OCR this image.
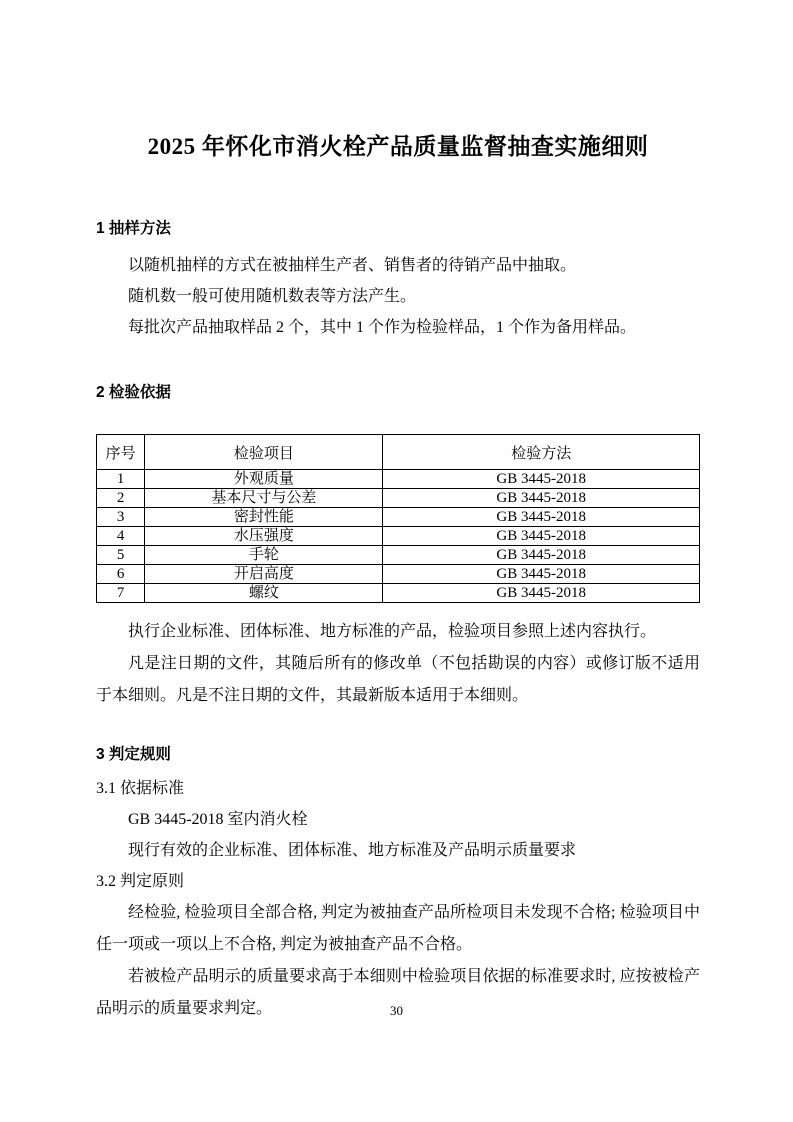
2025 年怀化市消火栓产品质量监督抽查实施细则
1 抽样方法

以随机抽样的方式在被抽样生产者、销售者的待销产品中抽取。

随机数一般可使用随机数表等方法产生。

每批次产品抽取样品 2 个，其中 1 个作为检验样品，1 个作为备用样品。

2 检验依据
序号	检验项目	检验方法
1	外观质量	GB 3445-2018
2	基本尺寸与公差	GB 3445-2018
3	密封性能	GB 3445-2018
4	水压强度	GB 3445-2018
5	手轮	GB 3445-2018
6	开启高度	GB 3445-2018
7	螺纹	GB 3445-2018

执行企业标准、团体标准、地方标准的产品，检验项目参照上述内容执行。

凡是注日期的文件，其随后所有的修改单（不包括勘误的内容）或修订版不适用于本细则。凡是不注日期的文件，其最新版本适用于本细则。

3 判定规则

3.1 依据标准

GB 3445-2018 室内消火栓

现行有效的企业标准、团体标准、地方标准及产品明示质量要求

3.2 判定原则

经检验, 检验项目全部合格, 判定为被抽查产品所检项目未发现不合格; 检验项目中任一项或一项以上不合格, 判定为被抽查产品不合格。

若被检产品明示的质量要求高于本细则中检验项目依据的标准要求时, 应按被检产品明示的质量要求判定。	30
